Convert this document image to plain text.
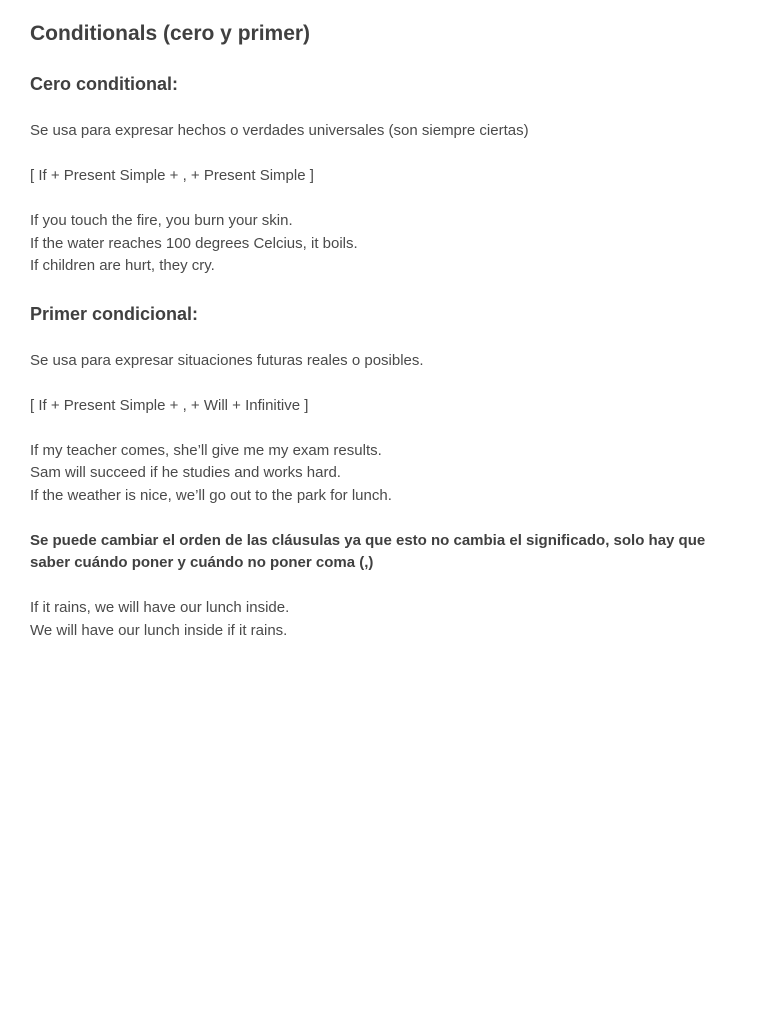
Conditionals (cero y primer)
Cero conditional:

Se usa para expresar hechos o verdades universales (son siempre ciertas)

[ If + Present Simple + , + Present Simple ]

If you touch the fire, you burn your skin.

If the water reaches 100 degrees Celcius, it boils.

If children are hurt, they cry.

Primer condicional:

Se usa para expresar situaciones futuras reales o posibles.

[ If + Present Simple + , + Will + Infinitive ]

If my teacher comes, she’ll give me my exam results.

Sam will succeed if he studies and works hard.

If the weather is nice, we’ll go out to the park for lunch.

Se puede cambiar el orden de las cláusulas ya que esto no cambia el significado, solo hay que saber cuándo poner y cuándo no poner coma (,)

If it rains, we will have our lunch inside.

We will have our lunch inside if it rains.
